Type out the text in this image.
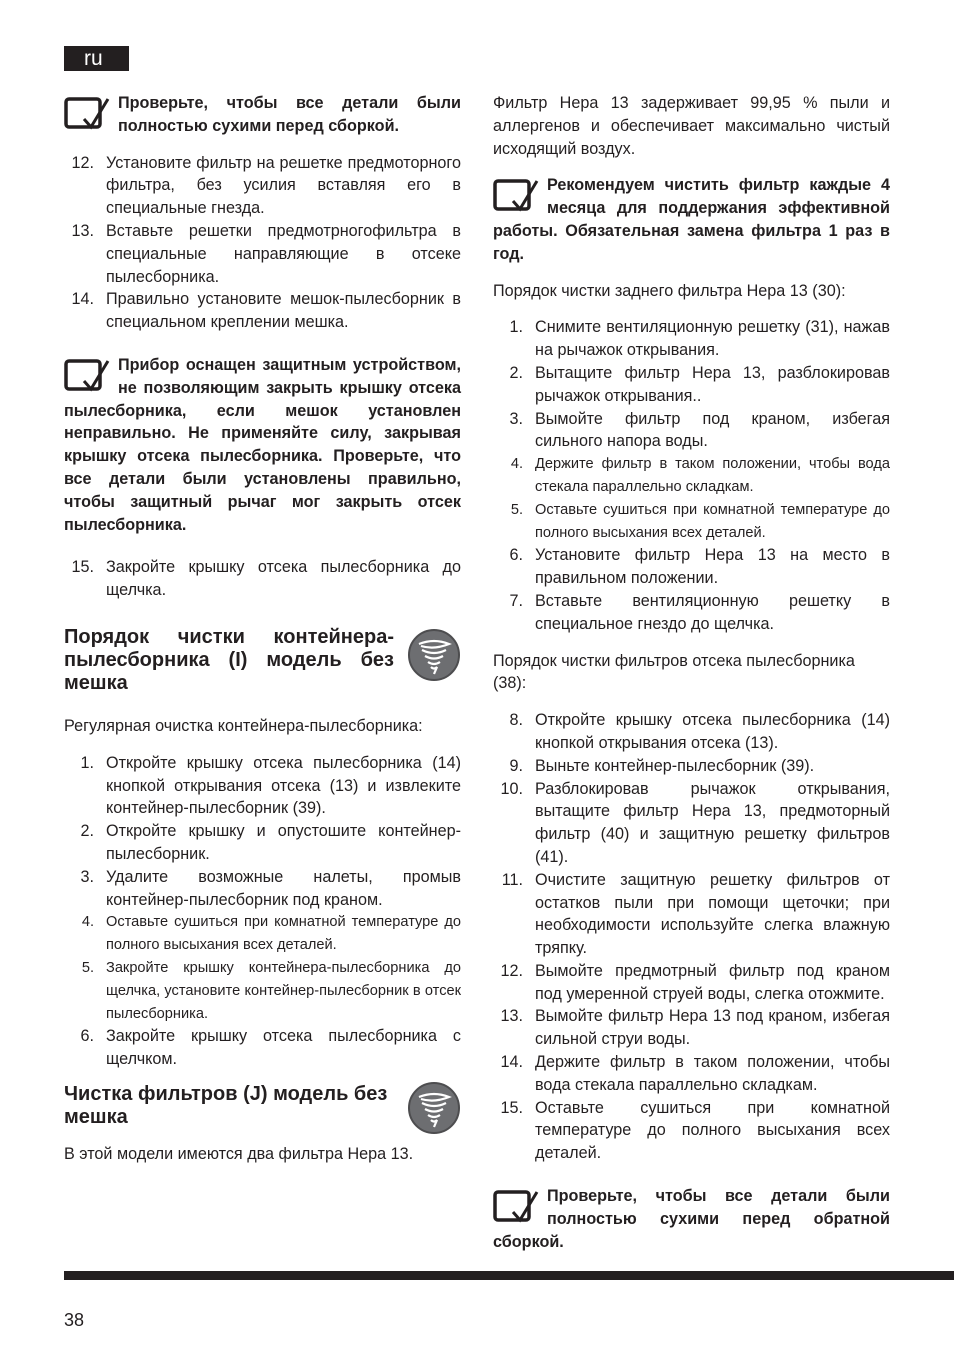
ru
Проверьте, чтобы все детали были полностью сухими перед сборкой.
12. Установите фильтр на решетке предмоторного фильтра, без усилия вставляя его в специальные гнезда.
13. Вставьте решетки предмотрногофильтра в специальные направляющие в отсеке пылесборника.
14. Правильно установите мешок-пылесборник в специальном креплении мешка.
Прибор оснащен защитным устройством, не позволяющим закрыть крышку отсека пылесборника, если мешок установлен неправильно. Не применяйте силу, закрывая крышку отсека пылесборника. Проверьте, что все детали были установлены правильно, чтобы защитный рычаг мог закрыть отсек пылесборника.
15. Закройте крышку отсека пылесборника до щелчка.
Порядок чистки контейнера- пылесборника (I) модель без мешка
Регулярная очистка контейнера-пылесборника:
1. Откройте крышку отсека пылесборника (14) кнопкой открывания отсека (13) и извлеките контейнер-пылесборник (39).
2. Откройте крышку и опустошите контейнер-пылесборник.
3. Удалите возможные налеты, промыв контейнер-пылесборник под краном.
4. Оставьте сушиться при комнатной температуре до полного высыхания всех деталей.
5. Закройте крышку контейнера-пылесборника до щелчка, установите контейнер-пылесборник в отсек пылесборника.
6. Закройте крышку отсека пылесборника с щелчком.
Чистка фильтров (J) модель без мешка
В этой модели имеются два фильтра Hepa 13.
Фильтр Hepa 13 задерживает 99,95 % пыли и аллергенов и обеспечивает максимально чистый исходящий воздух.
Рекомендуем чистить фильтр каждые 4 месяца для поддержания эффективной работы. Обязательная замена фильтра 1 раз в год.
Порядок чистки заднего фильтра Hepa 13 (30):
1. Снимите вентиляционную решетку (31), нажав на рычажок открывания.
2. Вытащите фильтр Hepa 13, разблокировав рычажок открывания..
3. Вымойте фильтр под краном, избегая сильного напора воды.
4. Держите фильтр в таком положении, чтобы вода стекала параллельно складкам.
5. Оставьте сушиться при комнатной температуре до полного высыхания всех деталей.
6. Установите фильтр Hepa 13 на место в правильном положении.
7. Вставьте вентиляционную решетку в специальное гнездо до щелчка.
Порядок чистки фильтров отсека пылесборника (38):
8. Откройте крышку отсека пылесборника (14) кнопкой открывания отсека (13).
9. Выньте контейнер-пылесборник (39).
10. Разблокировав рычажок открывания, вытащите фильтр Hepa 13, предмоторный фильтр (40) и защитную решетку фильтров (41).
11. Очистите защитную решетку фильтров от остатков пыли при помощи щеточки; при необходимости используйте слегка влажную тряпку.
12. Вымойте предмотрный фильтр под краном под умеренной струей воды, слегка отожмите.
13. Вымойте фильтр Hepa 13 под краном, избегая сильной струи воды.
14. Держите фильтр в таком положении, чтобы вода стекала параллельно складкам.
15. Оставьте сушиться при комнатной температуре до полного высыхания всех деталей.
Проверьте, чтобы все детали были полностью сухими перед обратной сборкой.
38
